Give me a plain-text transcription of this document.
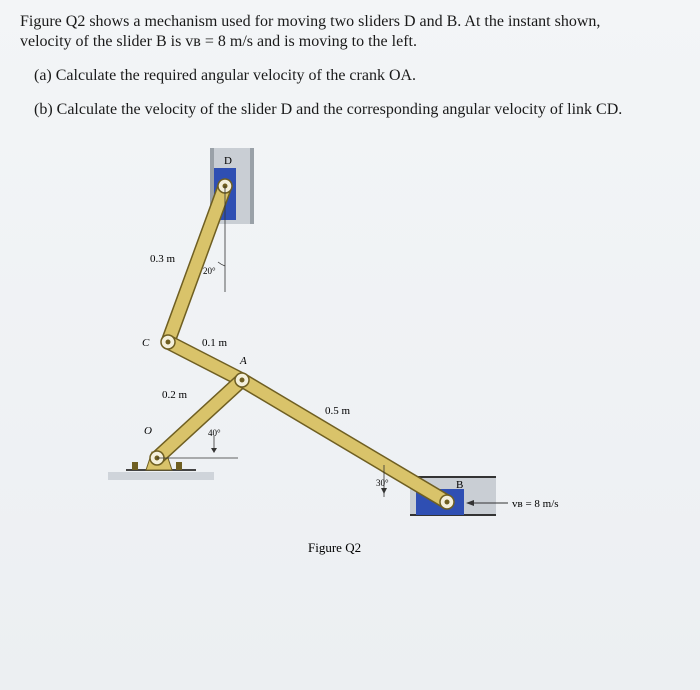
Figure Q2 shows a mechanism used for moving two sliders D and B. At the instant shown,

velocity of the slider B is vʙ = 8 m/s and is moving to the left.

(a) Calculate the required angular velocity of the crank OA.

(b) Calculate the velocity of the slider D and the corresponding angular velocity of link CD.

D
B
0.3 m
20°
C	0.1 m
A
0.2 m
0.5 m
O	40°
30°
vʙ = 8 m/s
Figure Q2
